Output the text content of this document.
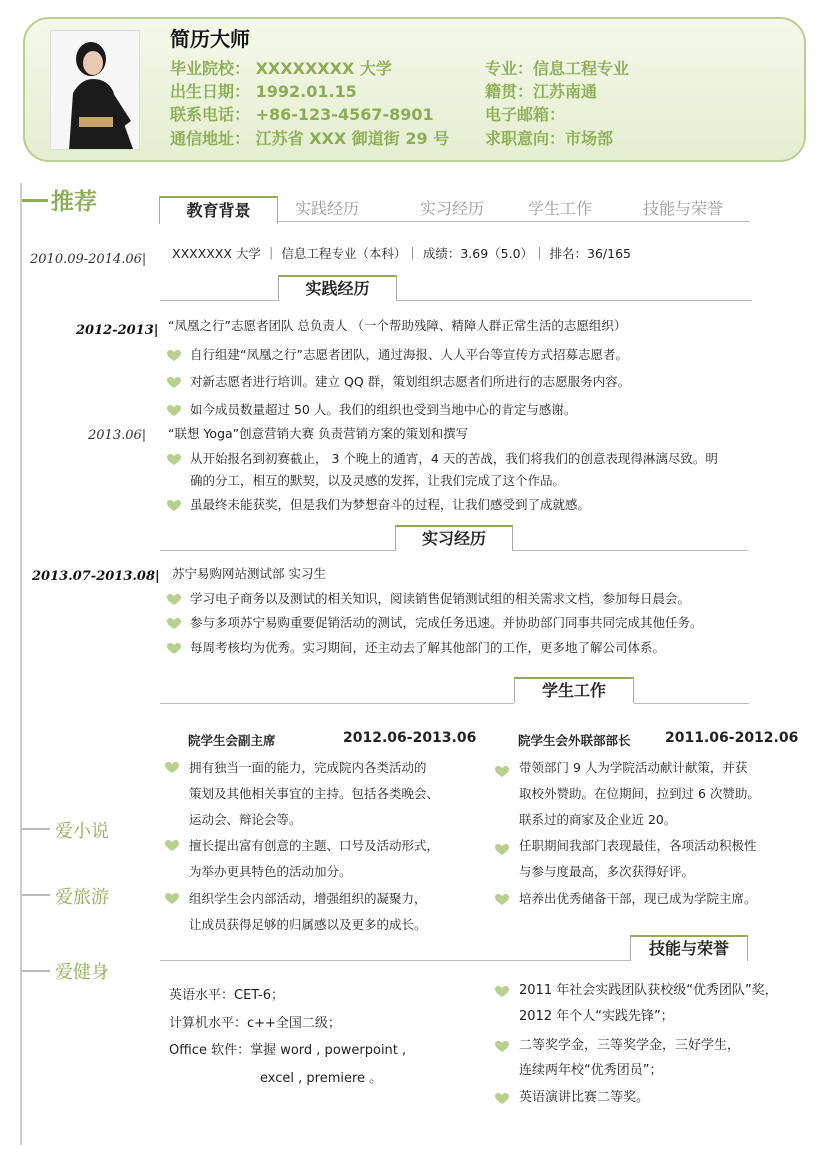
简历大师
毕业院校： XXXXXXXX 大学	专业：信息工程专业
出生日期： 1992.01.15	籍贯：江苏南通
联系电话： +86-123-4567-8901	电子邮箱：
通信地址： 江苏省 XXX 御道街 29 号 求职意向：市场部
推荐
爱小说
爱旅游
爱健身
教育背景	实践经历	实习经历	学生工作	技能与荣誉
2010.09-2014.06| XXXXXXX 大学 ｜ 信息工程专业（本科）｜ 成绩：3.69（5.0）｜ 排名：36/165
实践经历
2012-2013| “凤凰之行”志愿者团队 总负责人 （一个帮助残障、精障人群正常生活的志愿组织）
自行组建“凤凰之行”志愿者团队，通过海报、人人平台等宣传方式招募志愿者。
对新志愿者进行培训。建立 QQ 群，策划组织志愿者们所进行的志愿服务内容。
如今成员数量超过 50 人。我们的组织也受到当地中心的肯定与感谢。
2013.06| “联想 Yoga”创意营销大赛 负责营销方案的策划和撰写
从开始报名到初赛截止， 3 个晚上的通宵，4 天的苦战，我们将我们的创意表现得淋漓尽致。明
确的分工，相互的默契，以及灵感的发挥，让我们完成了这个作品。
虽最终未能获奖，但是我们为梦想奋斗的过程，让我们感受到了成就感。
实习经历
2013.07-2013.08| 苏宁易购网站测试部 实习生
学习电子商务以及测试的相关知识，阅读销售促销测试组的相关需求文档，参加每日晨会。
参与多项苏宁易购重要促销活动的测试，完成任务迅速。并协助部门同事共同完成其他任务。
每周考核均为优秀。实习期间，还主动去了解其他部门的工作，更多地了解公司体系。
学生工作
院学生会副主席	2012.06-2013.06
拥有独当一面的能力，完成院内各类活动的
策划及其他相关事宜的主持。包括各类晚会、
运动会、辩论会等。
擅长提出富有创意的主题、口号及活动形式，
为举办更具特色的活动加分。
组织学生会内部活动，增强组织的凝聚力，
让成员获得足够的归属感以及更多的成长。
院学生会外联部部长 2011.06-2012.06
带领部门 9 人为学院活动献计献策，并获
取校外赞助。在位期间，拉到过 6 次赞助。
联系过的商家及企业近 20。
任职期间我部门表现最佳，各项活动积极性
与参与度最高，多次获得好评。
培养出优秀储备干部，现已成为学院主席。
技能与荣誉
英语水平：CET-6；
计算机水平：c++全国二级；
Office 软件：掌握 word , powerpoint ,
excel , premiere 。
2011 年社会实践团队获校级“优秀团队”奖，
2012 年个人“实践先锋”；
二等奖学金，三等奖学金，三好学生，
连续两年校“优秀团员”；
英语演讲比赛二等奖。
